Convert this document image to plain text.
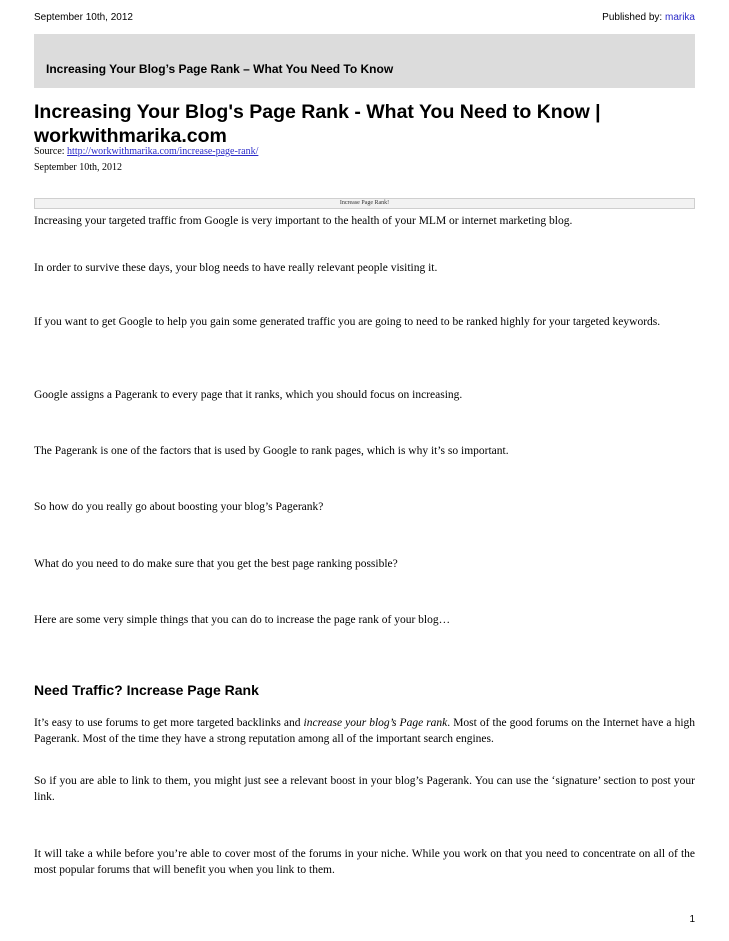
September 10th, 2012	Published by: marika
Increasing Your Blog’s Page Rank – What You Need To Know
Increasing Your Blog's Page Rank - What You Need to Know | workwithmarika.com
Source: http://workwithmarika.com/increase-page-rank/
September 10th, 2012
Increase Page Rank!

Increasing your targeted traffic from Google is very important to the health of your MLM or internet marketing blog.

In order to survive these days, your blog needs to have really relevant people visiting it.

If you want to get Google to help you gain some generated traffic you are going to need to be ranked highly for your targeted keywords.

Google assigns a Pagerank to every page that it ranks, which you should focus on increasing.

The Pagerank is one of the factors that is used by Google to rank pages, which is why it’s so important.

So how do you really go about boosting your blog’s Pagerank?

What do you need to do make sure that you get the best page ranking possible?

Here are some very simple things that you can do to increase the page rank of your blog…

Need Traffic? Increase Page Rank

It’s easy to use forums to get more targeted backlinks and increase your blog’s Page rank. Most of the good forums on the Internet have a high Pagerank. Most of the time they have a strong reputation among all of the important search engines.

So if you are able to link to them, you might just see a relevant boost in your blog’s Pagerank. You can use the ‘signature’ section to post your link.

It will take a while before you’re able to cover most of the forums in your niche. While you work on that you need to concentrate on all of the most popular forums that will benefit you when you link to them.

1
